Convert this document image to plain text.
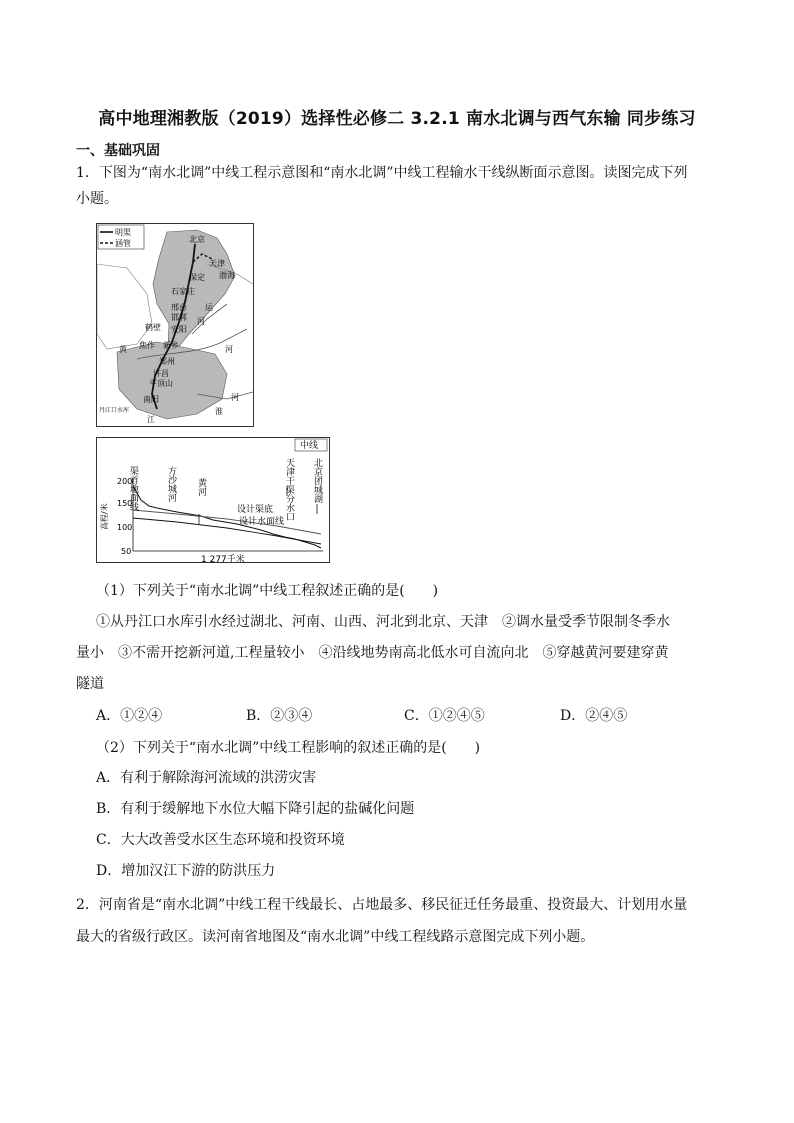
高中地理湘教版（2019）选择性必修二 3.2.1 南水北调与西气东输 同步练习
一、基础巩固
1．下图为“南水北调”中线工程示意图和“南水北调”中线工程输水干线纵断面示意图。读图完成下列
小题。
明渠
涵管	北京
天津
渤海
保定
石家庄
邢台
邯郸
安阳
鹤壁
焦作 新乡
郑州
许昌
平顶山
南阳
丹江口水库
河
运
河
黄
江
淮
河
中线
200
150
100
50
高程/米
渠首地面线	方沙城河 黄河	天津干渠分水口 北京团城湖
设计渠底
设计水面线
1 277千米
（1）下列关于“南水北调”中线工程叙述正确的是(　　)
①从丹江口水库引水经过湖北、河南、山西、河北到北京、天津　②调水量受季节限制冬季水
量小　③不需开挖新河道,工程量较小　④沿线地势南高北低水可自流向北　⑤穿越黄河要建穿黄
隧道
A．①②④	B．②③④	C．①②④⑤	D．②④⑤
（2）下列关于“南水北调”中线工程影响的叙述正确的是(　　)
A．有利于解除海河流域的洪涝灾害
B．有利于缓解地下水位大幅下降引起的盐碱化问题
C．大大改善受水区生态环境和投资环境
D．增加汉江下游的防洪压力
2．河南省是“南水北调”中线工程干线最长、占地最多、移民征迁任务最重、投资最大、计划用水量
最大的省级行政区。读河南省地图及“南水北调”中线工程线路示意图完成下列小题。
